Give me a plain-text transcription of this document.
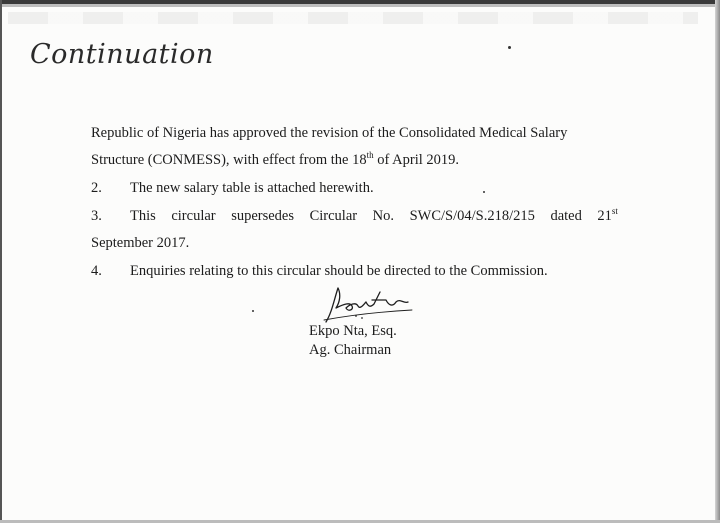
Continuation
Republic of Nigeria has approved the revision of the Consolidated Medical Salary
Structure (CONMESS), with effect from the 18th of April 2019.
2. The new salary table is attached herewith.
3. This circular supersedes Circular No. SWC/S/04/S.218/215 dated 21st
September 2017.
4. Enquiries relating to this circular should be directed to the Commission.
Ekpo Nta, Esq.
Ag. Chairman
